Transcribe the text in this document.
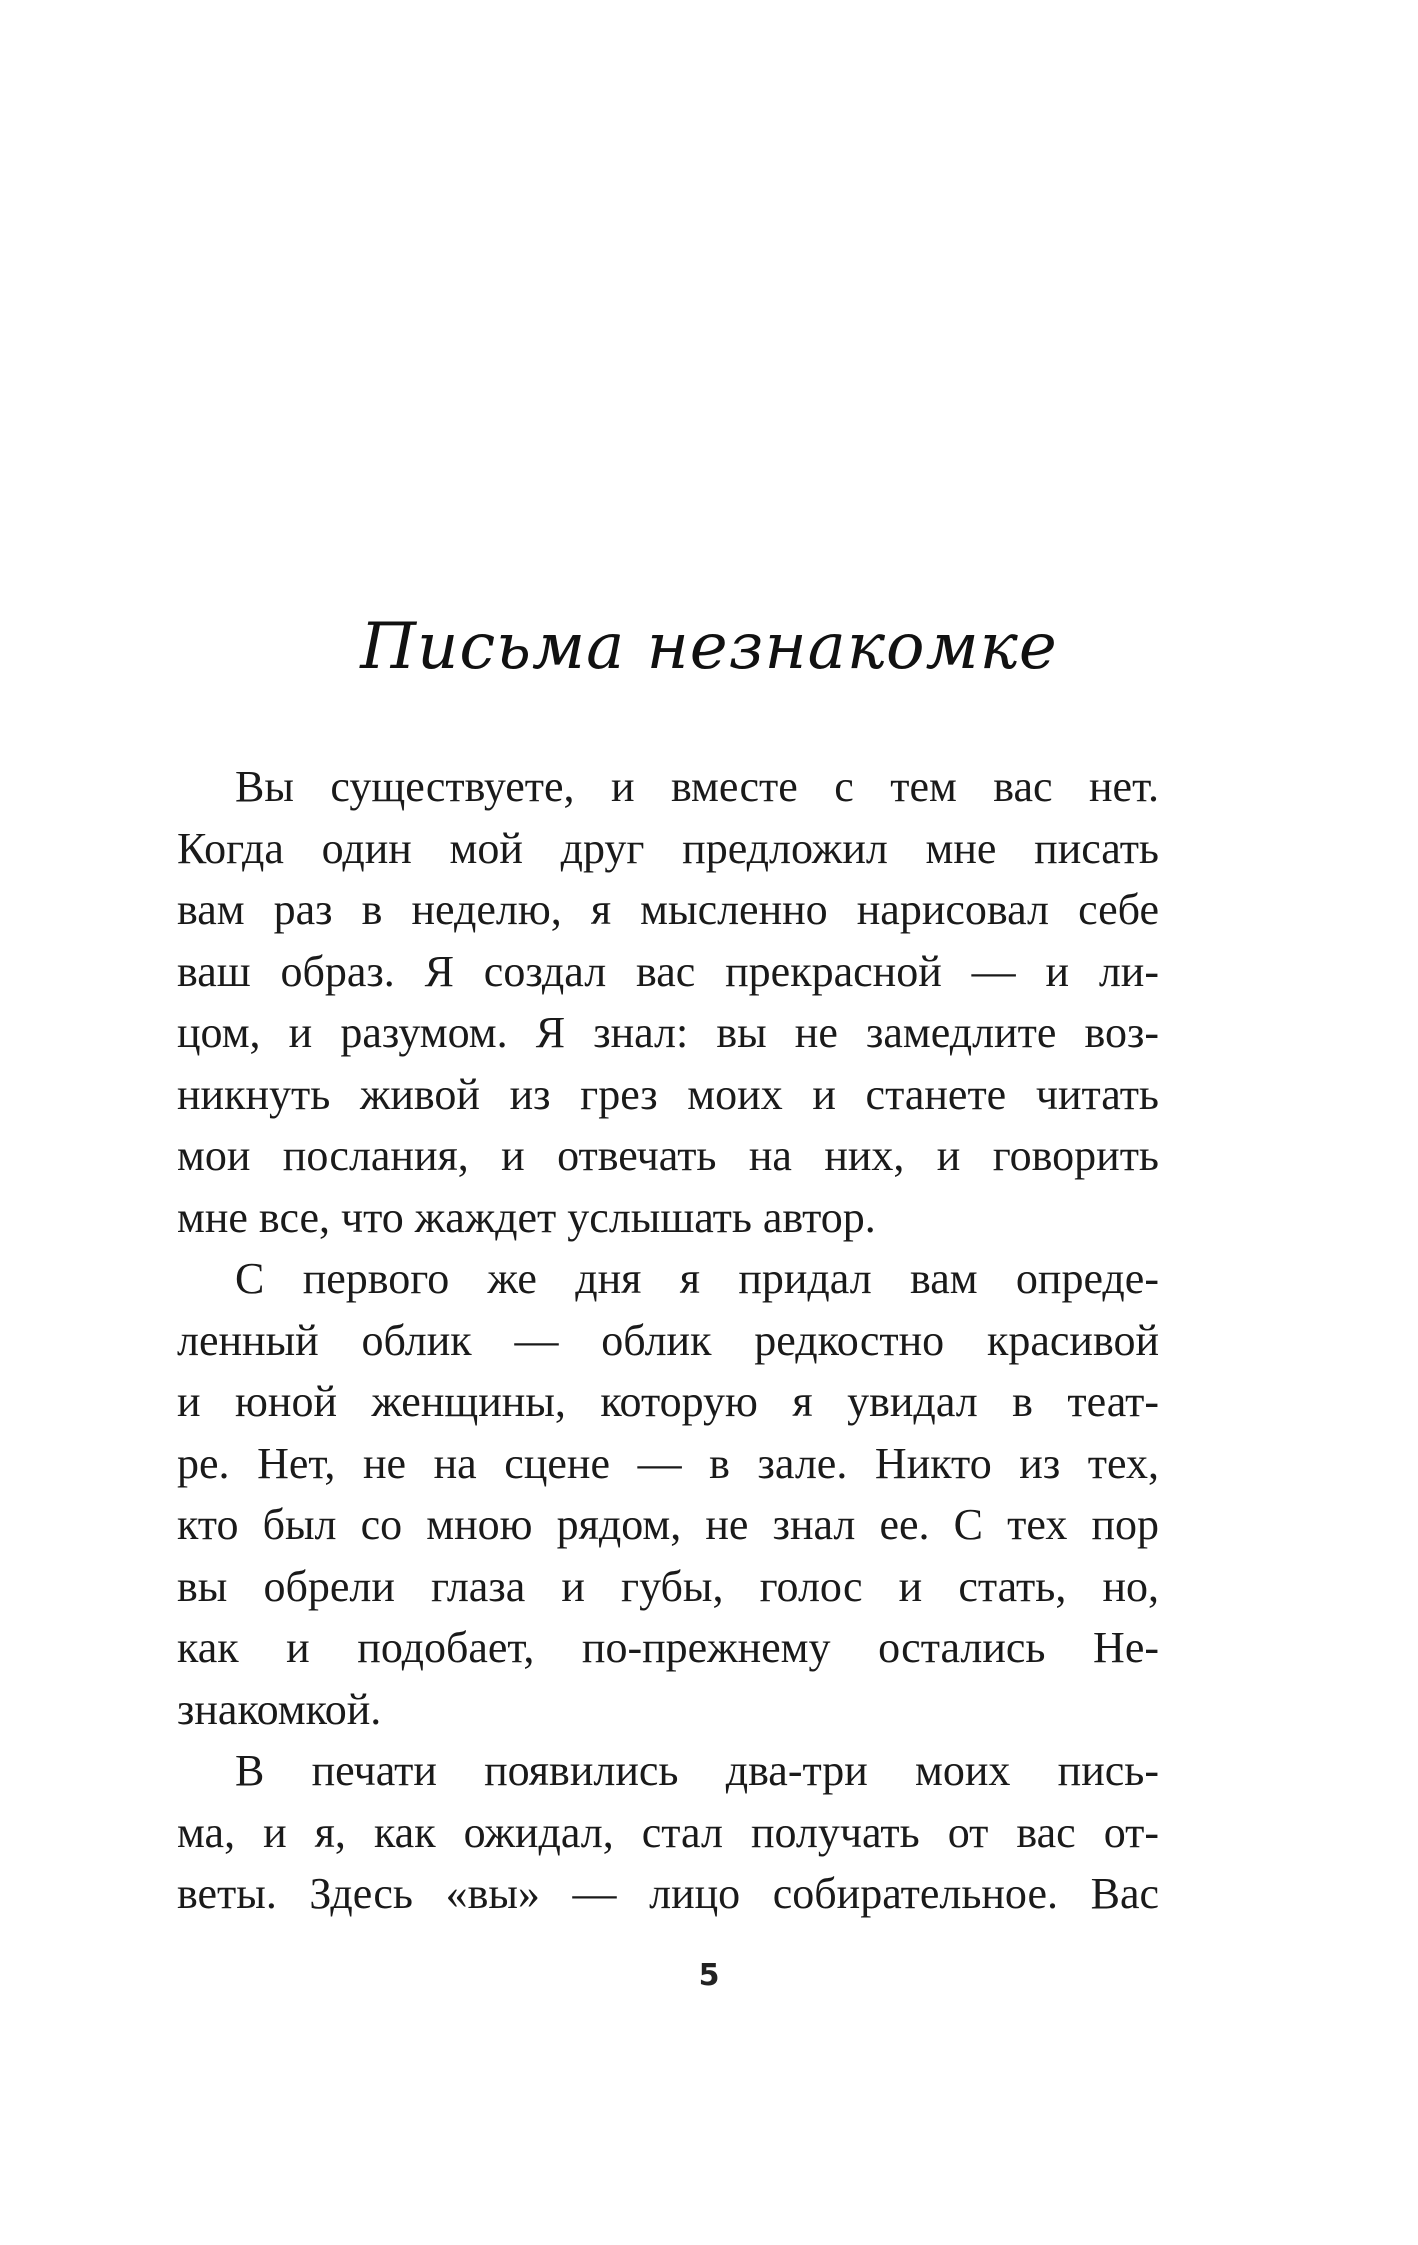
Письма незнакомке
Вы существуете, и вместе с тем вас нет.
Когда один мой друг предложил мне писать
вам раз в неделю, я мысленно нарисовал себе
ваш образ. Я создал вас прекрасной — и ли-
цом, и разумом. Я знал: вы не замедлите воз-
никнуть живой из грез моих и станете читать
мои послания, и отвечать на них, и говорить
мне все, что жаждет услышать автор.
С первого же дня я придал вам опреде-
ленный облик — облик редкостно красивой
и юной женщины, которую я увидал в теат-
ре. Нет, не на сцене — в зале. Никто из тех,
кто был со мною рядом, не знал ее. С тех пор
вы обрели глаза и губы, голос и стать, но,
как и подобает, по-прежнему остались Не-
знакомкой.
В печати появились два-три моих пись-
ма, и я, как ожидал, стал получать от вас от-
веты. Здесь «вы» — лицо собирательное. Вас
5
